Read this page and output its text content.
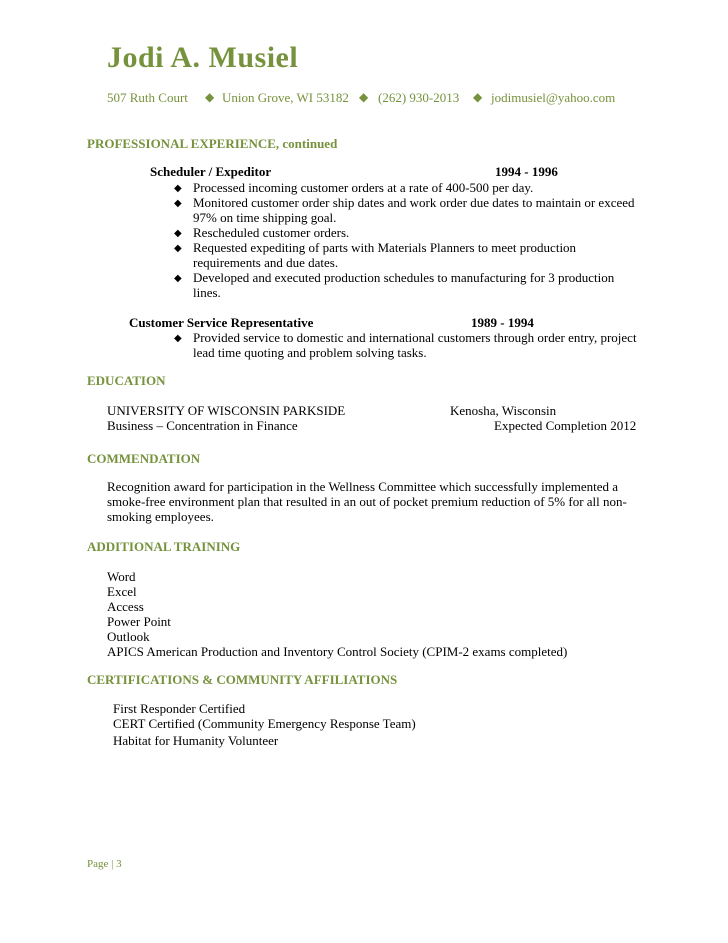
Jodi A. Musiel
507 Ruth Court ◆ Union Grove, WI 53182 ◆ (262) 930-2013 ◆ jodimusiel@yahoo.com
PROFESSIONAL EXPERIENCE, continued
Scheduler / Expeditor	1994 - 1996
◆ Processed incoming customer orders at a rate of 400-500 per day.
◆ Monitored customer order ship dates and work order due dates to maintain or exceed 97% on time shipping goal.
◆ Rescheduled customer orders.
◆ Requested expediting of parts with Materials Planners to meet production requirements and due dates.
◆ Developed and executed production schedules to manufacturing for 3 production lines.
Customer Service Representative	1989 - 1994
◆ Provided service to domestic and international customers through order entry, project lead time quoting and problem solving tasks.
EDUCATION
UNIVERSITY OF WISCONSIN PARKSIDE	Kenosha, Wisconsin
Business – Concentration in Finance	Expected Completion 2012
COMMENDATION
Recognition award for participation in the Wellness Committee which successfully implemented a smoke-free environment plan that resulted in an out of pocket premium reduction of 5% for all non-smoking employees.
ADDITIONAL TRAINING
Word
Excel
Access
Power Point
Outlook
APICS American Production and Inventory Control Society (CPIM-2 exams completed)
CERTIFICATIONS & COMMUNITY AFFILIATIONS
First Responder Certified
CERT Certified (Community Emergency Response Team)
Habitat for Humanity Volunteer
Page | 3
